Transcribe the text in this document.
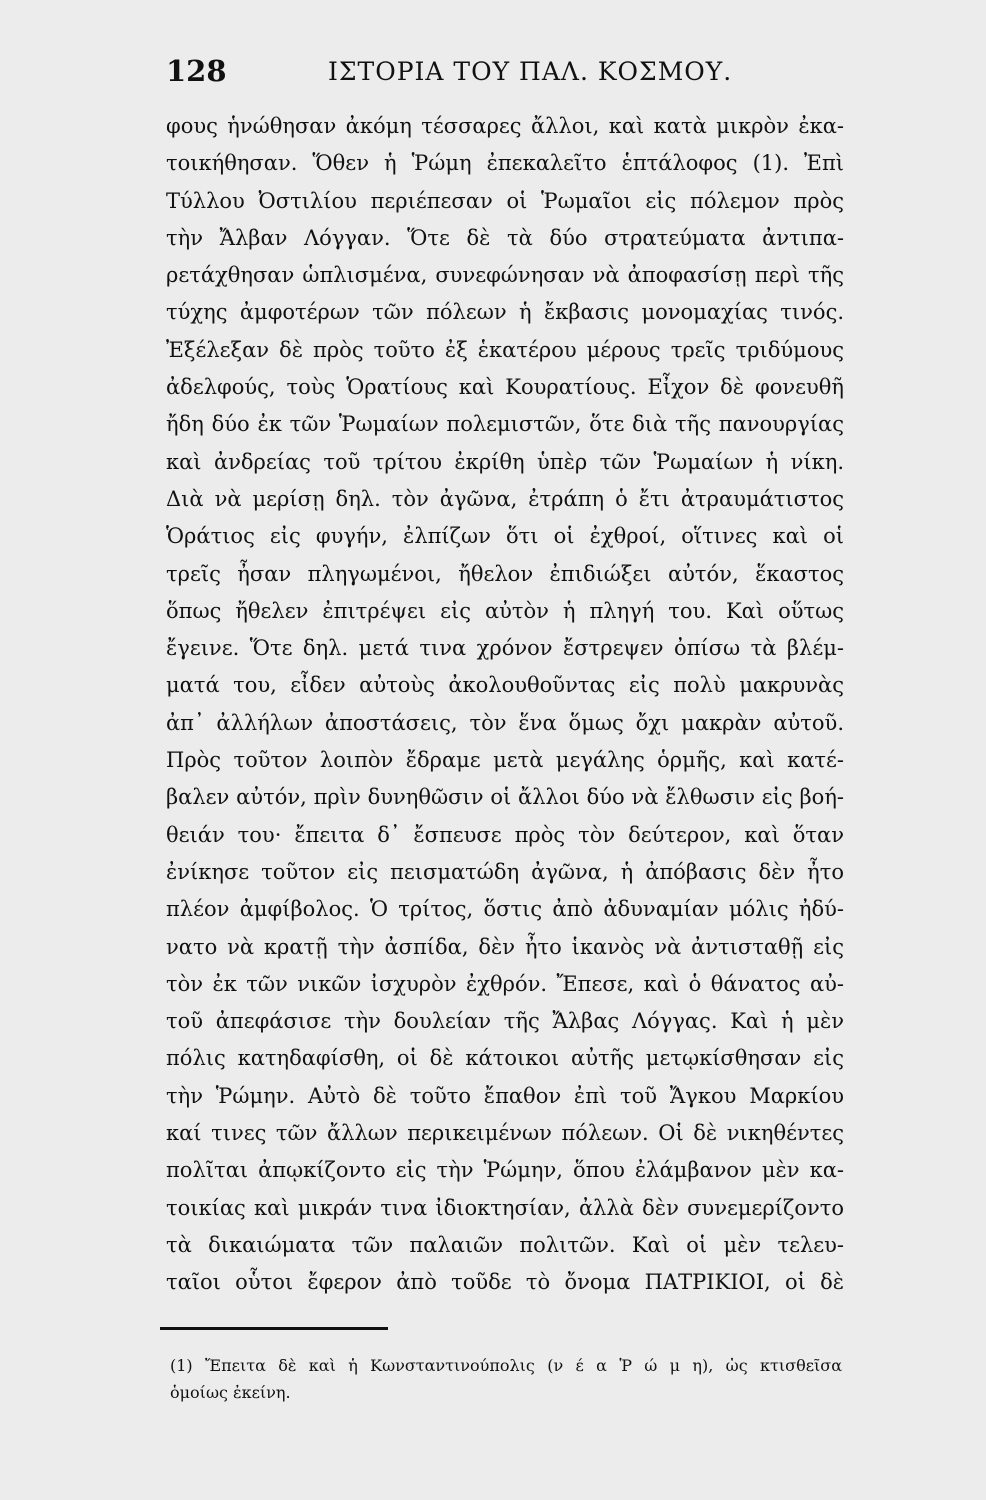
128	ΙΣΤΟΡΙΑ ΤΟΥ ΠΑΛ. ΚΟΣΜΟΥ.
φους ἡνώθησαν ἀκόμη τέσσαρες ἄλλοι, καὶ κατὰ μικρὸν ἐκα-
τοικήθησαν. Ὅθεν ἡ Ῥώμη ἐπεκαλεῖτο ἑπτάλοφος (1). Ἐπὶ
Τύλλου Ὀστιλίου περιέπεσαν οἱ Ῥωμαῖοι εἰς πόλεμον πρὸς
τὴν Ἄλβαν Λόγγαν. Ὅτε δὲ τὰ δύο στρατεύματα ἀντιπα-
ρετάχθησαν ὡπλισμένα, συνεφώνησαν νὰ ἀποφασίσῃ περὶ τῆς
τύχης ἀμφοτέρων τῶν πόλεων ἡ ἔκβασις μονομαχίας τινός.
Ἐξέλεξαν δὲ πρὸς τοῦτο ἐξ ἑκατέρου μέρους τρεῖς τριδύμους
ἀδελφούς, τοὺς Ὁρατίους καὶ Κουρατίους. Εἶχον δὲ φονευθῆ
ἤδη δύο ἐκ τῶν Ῥωμαίων πολεμιστῶν, ὅτε διὰ τῆς πανουργίας
καὶ ἀνδρείας τοῦ τρίτου ἐκρίθη ὑπὲρ τῶν Ῥωμαίων ἡ νίκη.
Διὰ νὰ μερίσῃ δηλ. τὸν ἀγῶνα, ἐτράπη ὁ ἔτι ἀτραυμάτιστος
Ὁράτιος εἰς φυγήν, ἐλπίζων ὅτι οἱ ἐχθροί, οἵτινες καὶ οἱ
τρεῖς ἦσαν πληγωμένοι, ἤθελον ἐπιδιώξει αὐτόν, ἕκαστος
ὅπως ἤθελεν ἐπιτρέψει εἰς αὐτὸν ἡ πληγή του. Καὶ οὕτως
ἔγεινε. Ὅτε δηλ. μετά τινα χρόνον ἔστρεψεν ὀπίσω τὰ βλέμ-
ματά του, εἶδεν αὐτοὺς ἀκολουθοῦντας εἰς πολὺ μακρυνὰς
ἀπ᾽ ἀλλήλων ἀποστάσεις, τὸν ἕνα ὅμως ὄχι μακρὰν αὐτοῦ.
Πρὸς τοῦτον λοιπὸν ἔδραμε μετὰ μεγάλης ὁρμῆς, καὶ κατέ-
βαλεν αὐτόν, πρὶν δυνηθῶσιν οἱ ἄλλοι δύο νὰ ἔλθωσιν εἰς βοή-
θειάν του· ἔπειτα δ᾽ ἔσπευσε πρὸς τὸν δεύτερον, καὶ ὅταν
ἐνίκησε τοῦτον εἰς πεισματώδη ἀγῶνα, ἡ ἀπόβασις δὲν ἦτο
πλέον ἀμφίβολος. Ὁ τρίτος, ὅστις ἀπὸ ἀδυναμίαν μόλις ἠδύ-
νατο νὰ κρατῇ τὴν ἀσπίδα, δὲν ἦτο ἱκανὸς νὰ ἀντισταθῇ εἰς
τὸν ἐκ τῶν νικῶν ἰσχυρὸν ἐχθρόν. Ἔπεσε, καὶ ὁ θάνατος αὐ-
τοῦ ἀπεφάσισε τὴν δουλείαν τῆς Ἄλβας Λόγγας. Καὶ ἡ μὲν
πόλις κατηδαφίσθη, οἱ δὲ κάτοικοι αὐτῆς μετῳκίσθησαν εἰς
τὴν Ῥώμην. Αὐτὸ δὲ τοῦτο ἔπαθον ἐπὶ τοῦ Ἄγκου Μαρκίου
καί τινες τῶν ἄλλων περικειμένων πόλεων. Οἱ δὲ νικηθέντες
πολῖται ἀπῳκίζοντο εἰς τὴν Ῥώμην, ὅπου ἐλάμβανον μὲν κα-
τοικίας καὶ μικράν τινα ἰδιοκτησίαν, ἀλλὰ δὲν συνεμερίζοντο
τὰ δικαιώματα τῶν παλαιῶν πολιτῶν. Καὶ οἱ μὲν τελευ-
ταῖοι οὗτοι ἔφερον ἀπὸ τοῦδε τὸ ὄνομα ΠΑΤΡΙΚΙΟΙ, οἱ δὲ
(1) Ἔπειτα δὲ καὶ ἡ Κωνσταντινούπολις (ν έ α Ῥ ώ μ η), ὡς κτισθεῖσα
ὁμοίως ἐκείνη.
